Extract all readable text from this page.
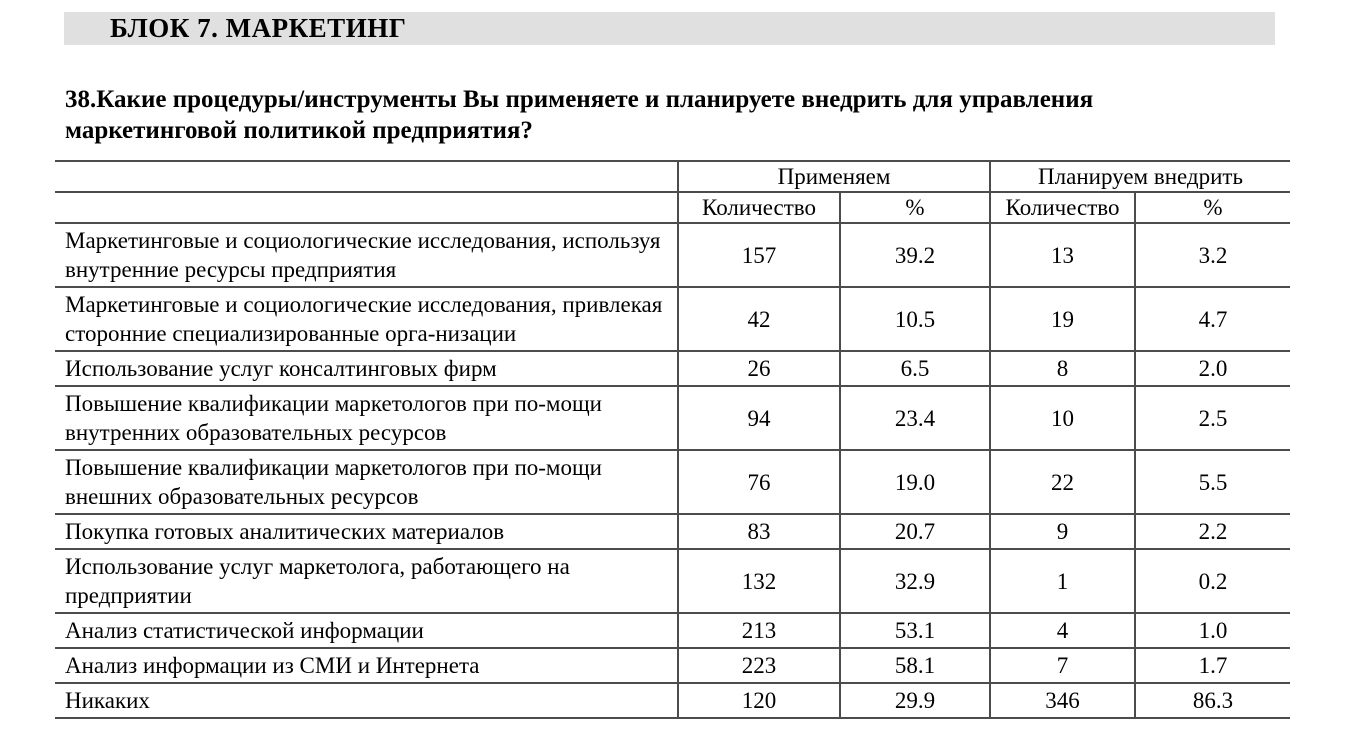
БЛОК 7. МАРКЕТИНГ
38.Какие процедуры/инструменты Вы применяете и планируете внедрить для управления маркетинговой политикой предприятия?
	Применяем		Планируем внедрить	
	Количество	%	Количество	%
Маркетинговые и социологические исследования, используя внутренние ресурсы предприятия	157	39.2	13	3.2
Маркетинговые и социологические исследования, привлекая сторонние специализированные орга-низации	42	10.5	19	4.7
Использование услуг консалтинговых фирм	26	6.5	8	2.0
Повышение квалификации маркетологов при по-мощи внутренних образовательных ресурсов	94	23.4	10	2.5
Повышение квалификации маркетологов при по-мощи внешних образовательных ресурсов	76	19.0	22	5.5
Покупка готовых аналитических материалов	83	20.7	9	2.2
Использование услуг маркетолога, работающего на предприятии	132	32.9	1	0.2
Анализ статистической информации	213	53.1	4	1.0
Анализ информации из СМИ и Интернета	223	58.1	7	1.7
Никаких	120	29.9	346	86.3
